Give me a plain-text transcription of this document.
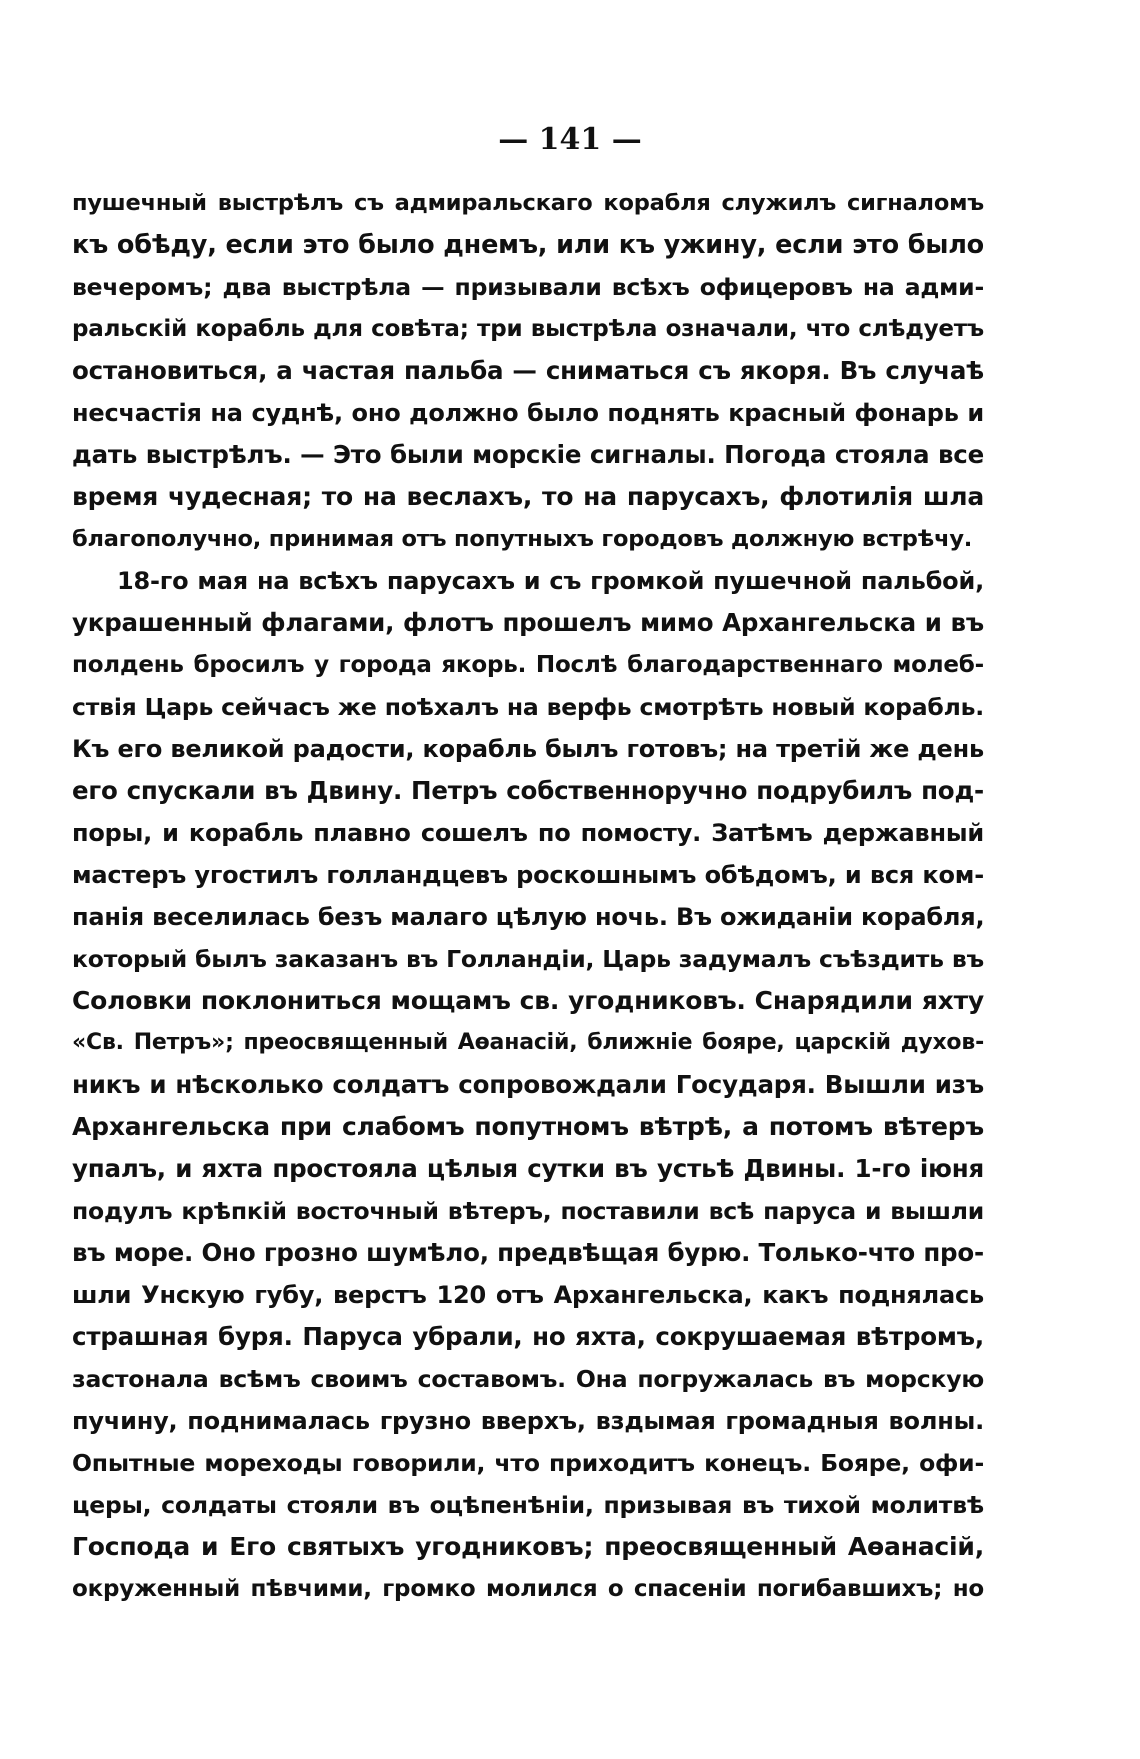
— 141 —
пушечный выстрѣлъ съ адмиральскаго корабля служилъ сигналомъ
къ обѣду, если это было днемъ, или къ ужину, если это было
вечеромъ; два выстрѣла — призывали всѣхъ офицеровъ на адми-
ральскій корабль для совѣта; три выстрѣла означали, что слѣдуетъ
остановиться, а частая пальба — сниматься съ якоря. Въ случаѣ
несчастія на суднѣ, оно должно было поднять красный фонарь и
дать выстрѣлъ. — Это были морскіе сигналы. Погода стояла все
время чудесная; то на веслахъ, то на парусахъ, флотилія шла
благополучно, принимая отъ попутныхъ городовъ должную встрѣчу.
18-го мая на всѣхъ парусахъ и съ громкой пушечной пальбой,
украшенный флагами, флотъ прошелъ мимо Архангельска и въ
полдень бросилъ у города якорь. Послѣ благодарственнаго молеб-
ствія Царь сейчасъ же поѣхалъ на верфь смотрѣть новый корабль.
Къ его великой радости, корабль былъ готовъ; на третій же день
его спускали въ Двину. Петръ собственноручно подрубилъ под-
поры, и корабль плавно сошелъ по помосту. Затѣмъ державный
мастеръ угостилъ голландцевъ роскошнымъ обѣдомъ, и вся ком-
панія веселилась безъ малаго цѣлую ночь. Въ ожиданіи корабля,
который былъ заказанъ въ Голландіи, Царь задумалъ съѣздить въ
Соловки поклониться мощамъ св. угодниковъ. Снарядили яхту
«Св. Петръ»; преосвященный Аѳанасій, ближніе бояре, царскій духов-
никъ и нѣсколько солдатъ сопровождали Государя. Вышли изъ
Архангельска при слабомъ попутномъ вѣтрѣ, а потомъ вѣтеръ
упалъ, и яхта простояла цѣлыя сутки въ устьѣ Двины. 1-го іюня
подулъ крѣпкій восточный вѣтеръ, поставили всѣ паруса и вышли
въ море. Оно грозно шумѣло, предвѣщая бурю. Только-что про-
шли Унскую губу, верстъ 120 отъ Архангельска, какъ поднялась
страшная буря. Паруса убрали, но яхта, сокрушаемая вѣтромъ,
застонала всѣмъ своимъ составомъ. Она погружалась въ морскую
пучину, поднималась грузно вверхъ, вздымая громадныя волны.
Опытные мореходы говорили, что приходитъ конецъ. Бояре, офи-
церы, солдаты стояли въ оцѣпенѣніи, призывая въ тихой молитвѣ
Господа и Его святыхъ угодниковъ; преосвященный Аѳанасій,
окруженный пѣвчими, громко молился о спасеніи погибавшихъ; но
